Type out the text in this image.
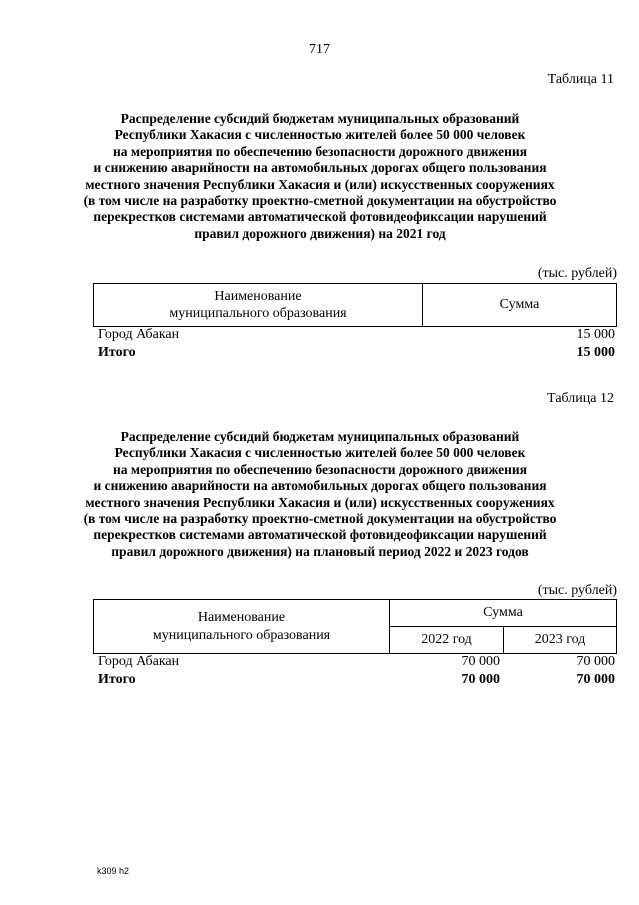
717
Таблица 11
Распределение субсидий бюджетам муниципальных образований
Республики Хакасия с численностью жителей более 50 000 человек
на мероприятия по обеспечению безопасности дорожного движения
и снижению аварийности на автомобильных дорогах общего пользования
местного значения Республики Хакасия и (или) искусственных сооружениях
(в том числе на разработку проектно-сметной документации на обустройство
перекрестков системами автоматической фотовидеофиксации нарушений
правил дорожного движения) на 2021 год
(тыс. рублей)
Наименование
муниципального образования
	Сумма
Город Абакан	15 000
Итого	15 000
Таблица 12
Распределение субсидий бюджетам муниципальных образований
Республики Хакасия с численностью жителей более 50 000 человек
на мероприятия по обеспечению безопасности дорожного движения
и снижению аварийности на автомобильных дорогах общего пользования
местного значения Республики Хакасия и (или) искусственных сооружениях
(в том числе на разработку проектно-сметной документации на обустройство
перекрестков системами автоматической фотовидеофиксации нарушений
правил дорожного движения) на плановый период 2022 и 2023 годов
(тыс. рублей)
Наименование
муниципального образования	Сумма	
	2022 год	2023 год
Город Абакан	70 000	70 000
Итого	70 000	70 000
k309 h2
